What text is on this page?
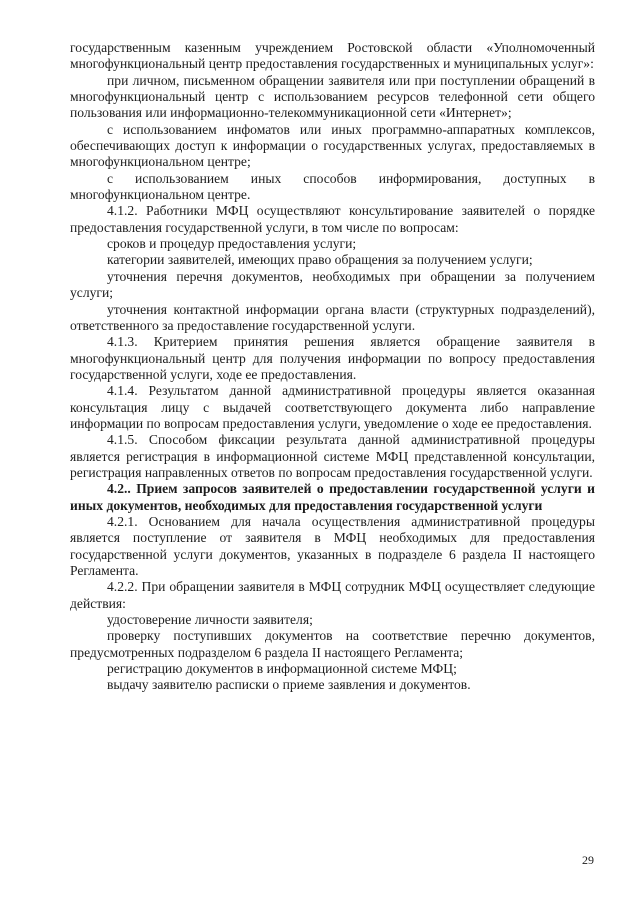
государственным казенным учреждением Ростовской области «Уполномоченный многофункциональный центр предоставления государственных и муниципальных услуг»:

при личном, письменном обращении заявителя или при поступлении обращений в многофункциональный центр с использованием ресурсов телефонной сети общего пользования или информационно-телекоммуникационной сети «Интернет»;

с использованием инфоматов или иных программно-аппаратных комплексов, обеспечивающих доступ к информации о государственных услугах, предоставляемых в многофункциональном центре;

с использованием иных способов информирования, доступных в многофункциональном центре.

4.1.2. Работники МФЦ осуществляют консультирование заявителей о порядке предоставления государственной услуги, в том числе по вопросам:

сроков и процедур предоставления услуги;

категории заявителей, имеющих право обращения за получением услуги;

уточнения перечня документов, необходимых при обращении за получением услуги;

уточнения контактной информации органа власти (структурных подразделений), ответственного за предоставление государственной услуги.

4.1.3. Критерием принятия решения является обращение заявителя в многофункциональный центр для получения информации по вопросу предоставления государственной услуги, ходе ее предоставления.

4.1.4. Результатом данной административной процедуры является оказанная консультация лицу с выдачей соответствующего документа либо направление информации по вопросам предоставления услуги, уведомление о ходе ее предоставления.

4.1.5. Способом фиксации результата данной административной процедуры является регистрация в информационной системе МФЦ представленной консультации, регистрация направленных ответов по вопросам предоставления государственной услуги.

4.2.. Прием запросов заявителей о предоставлении государственной услуги и иных документов, необходимых для предоставления государственной услуги

4.2.1. Основанием для начала осуществления административной процедуры является поступление от заявителя в МФЦ необходимых для предоставления государственной услуги документов, указанных в подразделе 6 раздела II настоящего Регламента.

4.2.2. При обращении заявителя в МФЦ сотрудник МФЦ осуществляет следующие действия:

удостоверение личности заявителя;

проверку поступивших документов на соответствие перечню документов, предусмотренных подразделом 6 раздела II настоящего Регламента;

регистрацию документов в информационной системе МФЦ;

выдачу заявителю расписки о приеме заявления и документов.

29
